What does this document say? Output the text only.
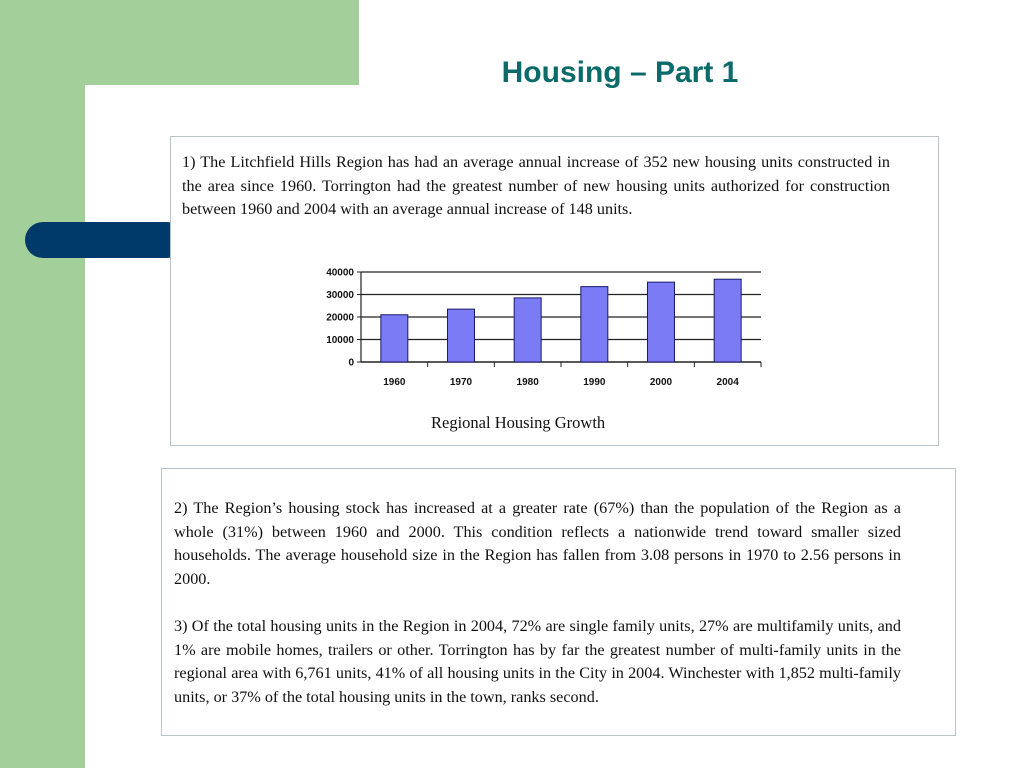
Housing – Part 1

1) The Litchfield Hills Region has had an average annual increase of 352 new housing units constructed in the area since 1960. Torrington had the greatest number of new housing units authorized for construction between 1960 and 2004 with an average annual increase of 148 units.

40000
30000
20000
10000
0
1960	1970	1980	1990	2000	2004
Regional Housing Growth

2) The Region’s housing stock has increased at a greater rate (67%) than the population of the Region as a whole (31%) between 1960 and 2000. This condition reflects a nationwide trend toward smaller sized households. The average household size in the Region has fallen from 3.08 persons in 1970 to 2.56 persons in 2000.

3) Of the total housing units in the Region in 2004, 72% are single family units, 27% are multifamily units, and 1% are mobile homes, trailers or other. Torrington has by far the greatest number of multi-family units in the regional area with 6,761 units, 41% of all housing units in the City in 2004. Winchester with 1,852 multi-family units, or 37% of the total housing units in the town, ranks second.
